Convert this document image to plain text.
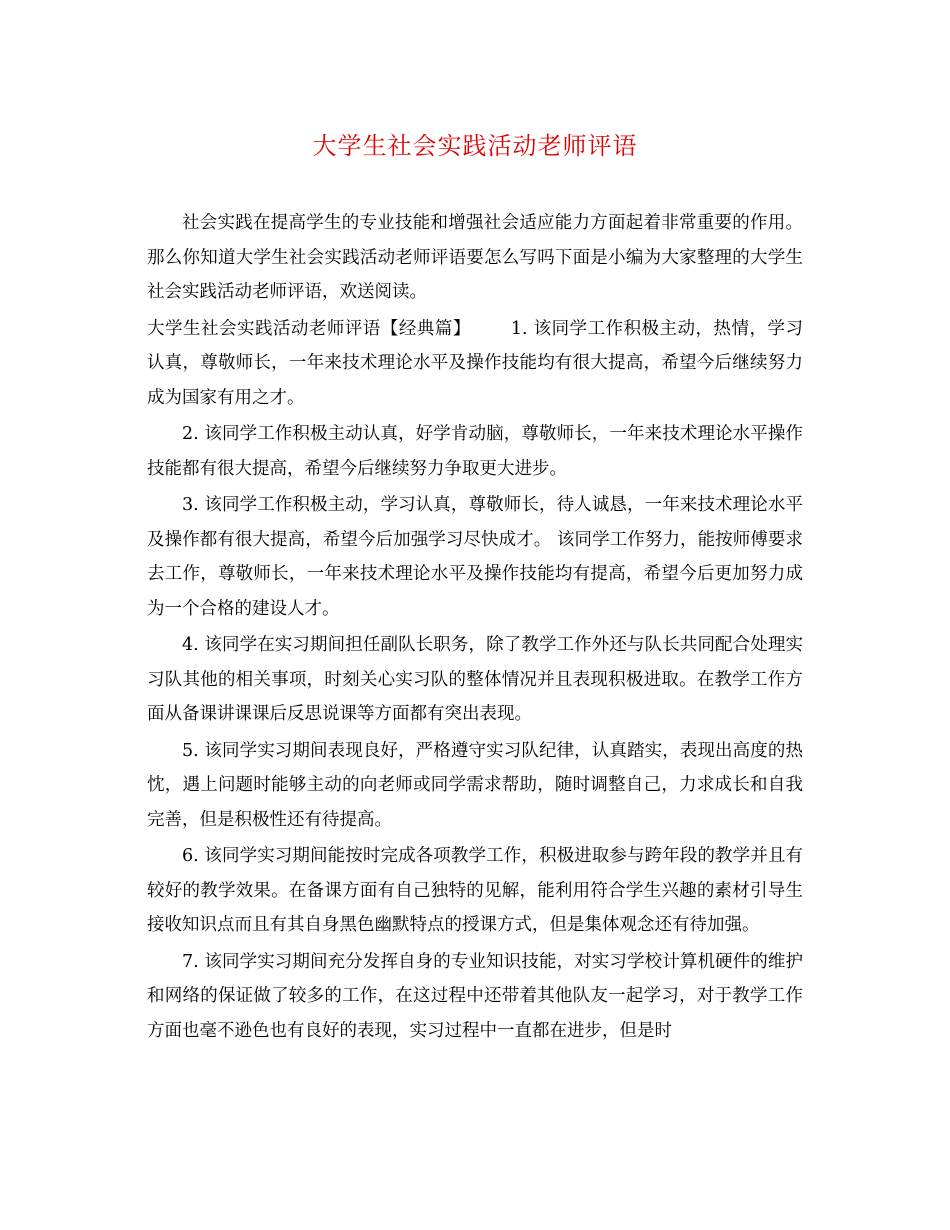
大学生社会实践活动老师评语

社会实践在提高学生的专业技能和增强社会适应能力方面起着非常重要的作用。那么你知道大学生社会实践活动老师评语要怎么写吗下面是小编为大家整理的大学生社会实践活动老师评语，欢送阅读。

大学生社会实践活动老师评语【经典篇】 1. 该同学工作积极主动，热情，学习认真，尊敬师长，一年来技术理论水平及操作技能均有很大提高，希望今后继续努力成为国家有用之才。

2. 该同学工作积极主动认真，好学肯动脑，尊敬师长，一年来技术理论水平操作技能都有很大提高，希望今后继续努力争取更大进步。

3. 该同学工作积极主动，学习认真，尊敬师长，待人诚恳，一年来技术理论水平及操作都有很大提高，希望今后加强学习尽快成才。 该同学工作努力，能按师傅要求去工作，尊敬师长，一年来技术理论水平及操作技能均有提高，希望今后更加努力成为一个合格的建设人才。

4. 该同学在实习期间担任副队长职务，除了教学工作外还与队长共同配合处理实习队其他的相关事项，时刻关心实习队的整体情况并且表现积极进取。在教学工作方面从备课讲课课后反思说课等方面都有突出表现。

5. 该同学实习期间表现良好，严格遵守实习队纪律，认真踏实，表现出高度的热忱，遇上问题时能够主动的向老师或同学需求帮助，随时调整自己，力求成长和自我完善，但是积极性还有待提高。

6. 该同学实习期间能按时完成各项教学工作，积极进取参与跨年段的教学并且有较好的教学效果。在备课方面有自己独特的见解，能利用符合学生兴趣的素材引导生接收知识点而且有其自身黑色幽默特点的授课方式，但是集体观念还有待加强。

7. 该同学实习期间充分发挥自身的专业知识技能，对实习学校计算机硬件的维护和网络的保证做了较多的工作，在这过程中还带着其他队友一起学习，对于教学工作方面也毫不逊色也有良好的表现，实习过程中一直都在进步，但是时
